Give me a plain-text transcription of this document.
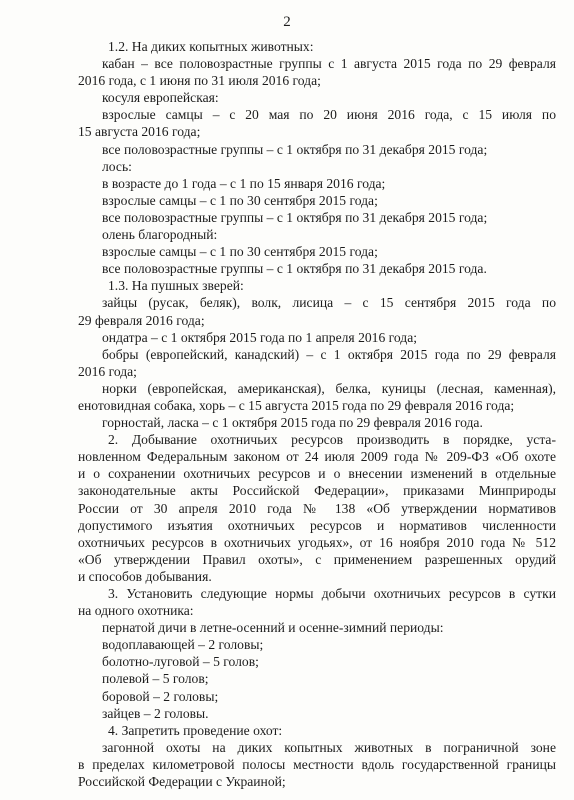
2
1.2. На диких копытных животных:
кабан – все половозрастные группы с 1 августа 2015 года по 29 февраля
2016 года, с 1 июня по 31 июля 2016 года;
косуля европейская:
взрослые самцы – с 20 мая по 20 июня 2016 года, с 15 июля по
15 августа 2016 года;
все половозрастные группы – с 1 октября по 31 декабря 2015 года;
лось:
в возрасте до 1 года – с 1 по 15 января 2016 года;
взрослые самцы – с 1 по 30 сентября 2015 года;
все половозрастные группы – с 1 октября по 31 декабря 2015 года;
олень благородный:
взрослые самцы – с 1 по 30 сентября 2015 года;
все половозрастные группы – с 1 октября по 31 декабря 2015 года.
1.3. На пушных зверей:
зайцы (русак, беляк), волк, лисица – с 15 сентября 2015 года по
29 февраля 2016 года;
ондатра – с 1 октября 2015 года по 1 апреля 2016 года;
бобры (европейский, канадский) – с 1 октября 2015 года по 29 февраля
2016 года;
норки (европейская, американская), белка, куницы (лесная, каменная),
енотовидная собака, хорь – с 15 августа 2015 года по 29 февраля 2016 года;
горностай, ласка – с 1 октября 2015 года по 29 февраля 2016 года.
2. Добывание охотничьих ресурсов производить в порядке, уста-
новленном Федеральным законом от 24 июля 2009 года № 209-ФЗ «Об охоте
и о сохранении охотничьих ресурсов и о внесении изменений в отдельные
законодательные акты Российской Федерации», приказами Минприроды
России от 30 апреля 2010 года № 138 «Об утверждении нормативов
допустимого изъятия охотничьих ресурсов и нормативов численности
охотничьих ресурсов в охотничьих угодьях», от 16 ноября 2010 года № 512
«Об утверждении Правил охоты», с применением разрешенных орудий
и способов добывания.
3. Установить следующие нормы добычи охотничьих ресурсов в сутки
на одного охотника:
пернатой дичи в летне-осенний и осенне-зимний периоды:
водоплавающей – 2 головы;
болотно-луговой – 5 голов;
полевой – 5 голов;
боровой – 2 головы;
зайцев – 2 головы.
4. Запретить проведение охот:
загонной охоты на диких копытных животных в пограничной зоне
в пределах километровой полосы местности вдоль государственной границы
Российской Федерации с Украиной;
